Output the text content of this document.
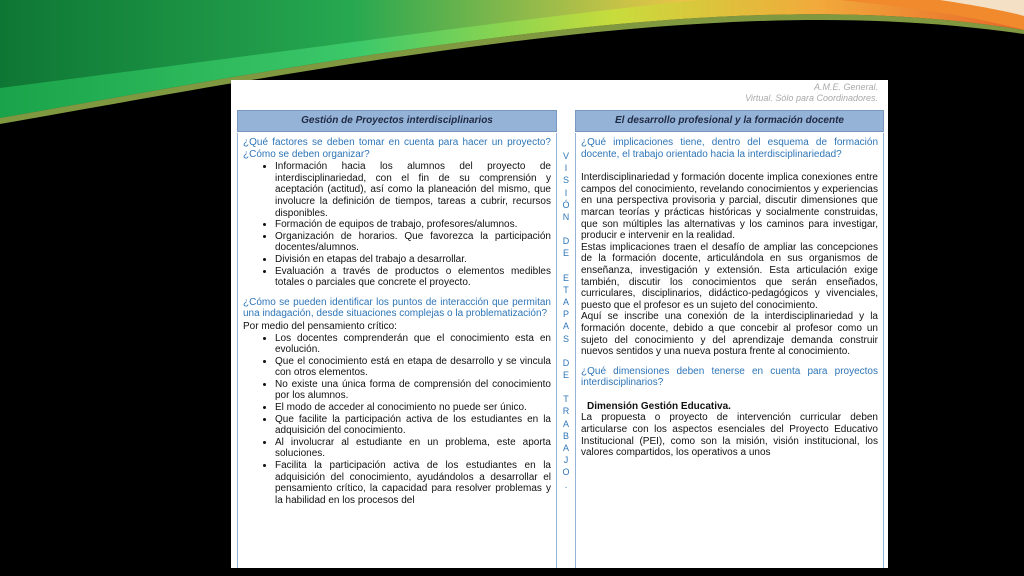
A.M.E. General.
Virtual. Sólo para Coordinadores.
Gestión de Proyectos interdisciplinarios	El desarrollo profesional y la formación docente
¿Qué factores se deben tomar en cuenta para hacer un proyecto? ¿Cómo se deben organizar?
• Información hacia los alumnos del proyecto de interdisciplinariedad, con el fin de su comprensión y aceptación (actitud), así como la planeación del mismo, que involucre la definición de tiempos, tareas a cubrir, recursos disponibles.
• Formación de equipos de trabajo, profesores/alumnos.
• Organización de horarios. Que favorezca la participación docentes/alumnos.
• División en etapas del trabajo a desarrollar.
• Evaluación a través de productos o elementos medibles totales o parciales que concrete el proyecto.
¿Cómo se pueden identificar los puntos de interacción que permitan una indagación, desde situaciones complejas o la problematización?

Por medio del pensamiento crítico:

• Los docentes comprenderán que el conocimiento esta en evolución.
• Que el conocimiento está en etapa de desarrollo y se vincula con otros elementos.
• No existe una única forma de comprensión del conocimiento por los alumnos.
• El modo de acceder al conocimiento no puede ser único.
• Que facilite la participación activa de los estudiantes en la adquisición del conocimiento.
• Al involucrar al estudiante en un problema, este aporta soluciones.
• Facilita la participación activa de los estudiantes en la adquisición del conocimiento, ayudándolos a desarrollar el pensamiento crítico, la capacidad para resolver problemas y la habilidad en los procesos del
V
I
S
I
Ó
N
D
E
E
T
A
P
A
S
D
E
T
R
A
B
A
J
O
.
¿Qué implicaciones tiene, dentro del esquema de formación docente, el trabajo orientado hacia la interdisciplinariedad?

Interdisciplinariedad y formación docente implica conexiones entre campos del conocimiento, revelando conocimientos y experiencias en una perspectiva provisoria y parcial, discutir dimensiones que marcan teorías y prácticas históricas y socialmente construidas, que son múltiples las alternativas y los caminos para investigar, producir e intervenir en la realidad.

Estas implicaciones traen el desafío de ampliar las concepciones de la formación docente, articulándola en sus organismos de enseñanza, investigación y extensión. Esta articulación exige también, discutir los conocimientos que serán enseñados, curriculares, disciplinarios, didáctico-pedagógicos y vivenciales, puesto que el profesor es un sujeto del conocimiento.

Aquí se inscribe una conexión de la interdisciplinariedad y la formación docente, debido a que concebir al profesor como un sujeto del conocimiento y del aprendizaje demanda construir nuevos sentidos y una nueva postura frente al conocimiento.

¿Qué dimensiones deben tenerse en cuenta para proyectos interdisciplinarios?

Dimensión Gestión Educativa.

La propuesta o proyecto de intervención curricular deben articularse con los aspectos esenciales del Proyecto Educativo Institucional (PEI), como son la misión, visión institucional, los valores compartidos, los operativos a unos
